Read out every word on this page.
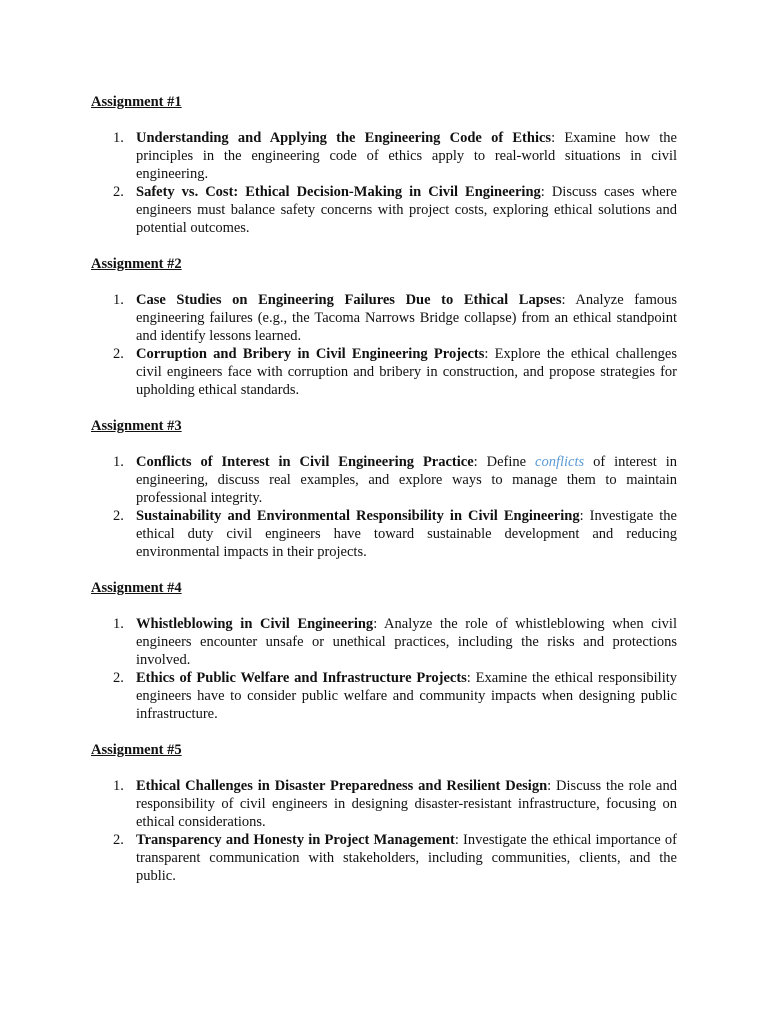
Assignment #1

1. Understanding and Applying the Engineering Code of Ethics: Examine how the principles in the engineering code of ethics apply to real-world situations in civil engineering.
2. Safety vs. Cost: Ethical Decision-Making in Civil Engineering: Discuss cases where engineers must balance safety concerns with project costs, exploring ethical solutions and potential outcomes.

Assignment #2

1. Case Studies on Engineering Failures Due to Ethical Lapses: Analyze famous engineering failures (e.g., the Tacoma Narrows Bridge collapse) from an ethical standpoint and identify lessons learned.
2. Corruption and Bribery in Civil Engineering Projects: Explore the ethical challenges civil engineers face with corruption and bribery in construction, and propose strategies for upholding ethical standards.

Assignment #3

1. Conflicts of Interest in Civil Engineering Practice: Define conflicts of interest in engineering, discuss real examples, and explore ways to manage them to maintain professional integrity.
2. Sustainability and Environmental Responsibility in Civil Engineering: Investigate the ethical duty civil engineers have toward sustainable development and reducing environmental impacts in their projects.

Assignment #4

1. Whistleblowing in Civil Engineering: Analyze the role of whistleblowing when civil engineers encounter unsafe or unethical practices, including the risks and protections involved.
2. Ethics of Public Welfare and Infrastructure Projects: Examine the ethical responsibility engineers have to consider public welfare and community impacts when designing public infrastructure.

Assignment #5

1. Ethical Challenges in Disaster Preparedness and Resilient Design: Discuss the role and responsibility of civil engineers in designing disaster-resistant infrastructure, focusing on ethical considerations.
2. Transparency and Honesty in Project Management: Investigate the ethical importance of transparent communication with stakeholders, including communities, clients, and the public.
